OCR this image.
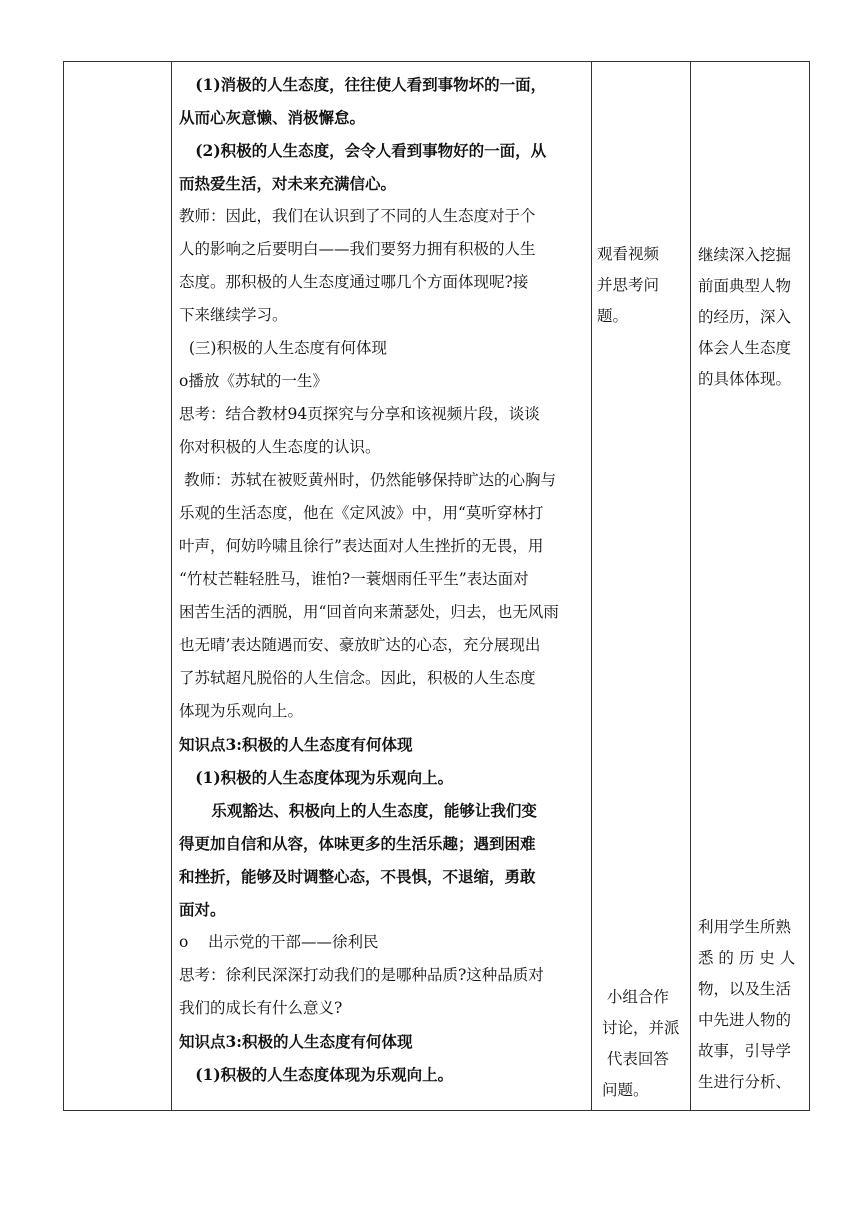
(1)消极的人生态度，往往使人看到事物坏的一面，

从而心灰意懒、消极懈怠。

(2)积极的人生态度，会令人看到事物好的一面，从

而热爱生活，对未来充满信心。

教师：因此，我们在认识到了不同的人生态度对于个

人的影响之后要明白——我们要努力拥有积极的人生

态度。那积极的人生态度通过哪几个方面体现呢?接

下来继续学习。

(三)积极的人生态度有何体现

o播放《苏轼的一生》

思考：结合教材94页探究与分享和该视频片段，谈谈

你对积极的人生态度的认识。

教师：苏轼在被贬黄州时，仍然能够保持旷达的心胸与

乐观的生活态度，他在《定风波》中，用“莫听穿林打

叶声，何妨吟啸且徐行”表达面对人生挫折的无畏，用

“竹杖芒鞋轻胜马，谁怕?一蓑烟雨任平生”表达面对

困苦生活的洒脱，用“回首向来萧瑟处，归去，也无风雨

也无晴’表达随遇而安、豪放旷达的心态，充分展现出

了苏轼超凡脱俗的人生信念。因此，积极的人生态度

体现为乐观向上。

知识点3:积极的人生态度有何体现

(1)积极的人生态度体现为乐观向上。

乐观豁达、积极向上的人生态度，能够让我们变

得更加自信和从容，体味更多的生活乐趣；遇到困难

和挫折，能够及时调整心态，不畏惧，不退缩，勇敢

面对。

o    出示党的干部——徐利民

思考：徐利民深深打动我们的是哪种品质?这种品质对

我们的成长有什么意义?

知识点3:积极的人生态度有何体现

(1)积极的人生态度体现为乐观向上。

观看视频

并思考问

题。

小组合作

讨论，并派

代表回答

问题。

继续深入挖掘

前面典型人物

的经历，深入

体会人生态度

的具体体现。

利用学生所熟

悉 的 历 史 人

物，以及生活

中先进人物的

故事，引导学

生进行分析、
